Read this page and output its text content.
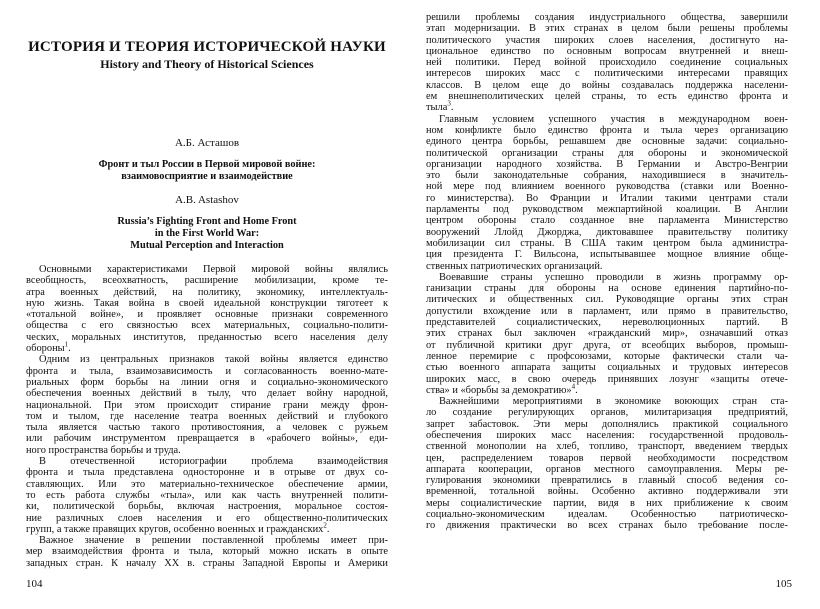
ИСТОРИЯ И ТЕОРИЯ ИСТОРИЧЕСКОЙ НАУКИ
History and Theory of Historical Sciences
А.Б. Асташов
Фронт и тыл России в Первой мировой войне:
взаимовосприятие и взаимодействие
A.B. Astashov
Russia’s Fighting Front and Home Front
in the First World War:
Mutual Perception and Interaction
Основными характеристиками Первой мировой войны являлись
всеобщность, всеохватность, расширение мобилизации, кроме те-
атра военных действий, на политику, экономику, интеллектуаль-
ную жизнь. Такая война в своей идеальной конструкции тяготеет к
«тотальной войне», и проявляет основные признаки современного
общества с его связностью всех материальных, социально-полити-
ческих, моральных институтов, преданностью всего населения делу
обороны$^1$.
Одним из центральных признаков такой войны является единство
фронта и тыла, взаимозависимость и согласованность военно-мате-
риальных форм борьбы на линии огня и социально-экономического
обеспечения военных действий в тылу, что делает войну народной,
национальной. При этом происходит стирание грани между фрон-
том и тылом, где население театра военных действий и глубокого
тыла является частью такого противостояния, а человек с ружьем
или рабочим инструментом превращается в «рабочего войны», еди-
ного пространства борьбы и труда.
В отечественной историографии проблема взаимодействия
фронта и тыла представлена односторонне и в отрыве от двух со-
ставляющих. Или это материально-техническое обеспечение армии,
то есть работа службы «тыла», или как часть внутренней полити-
ки, политической борьбы, включая настроения, моральное состоя-
ние различных слоев населения и его общественно-политических
групп, а также правящих кругов, особенно военных и гражданских$^2$.
Важное значение в решении поставленной проблемы имеет при-
мер взаимодействия фронта и тыла, который можно искать в опыте
западных стран. К началу XX в. страны Западной Европы и Америки
104
решили проблемы создания индустриального общества, завершили
этап модернизации. В этих странах в целом были решены проблемы
политического участия широких слоев населения, достигнуто на-
циональное единство по основным вопросам внутренней и внеш-
ней политики. Перед войной происходило соединение социальных
интересов широких масс с политическими интересами правящих
классов. В целом еще до войны создавалась поддержка населени-
ем внешнеполитических целей страны, то есть единство фронта и
тыла$^3$.
Главным условием успешного участия в международном воен-
ном конфликте было единство фронта и тыла через организацию
единого центра борьбы, решавшем две основные задачи: социально-
политической организации страны для обороны и экономической
организации народного хозяйства. В Германии и Австро-Венгрии
это были законодательные собрания, находившиеся в значитель-
ной мере под влиянием военного руководства (ставки или Военно-
го министерства). Во Франции и Италии такими центрами стали
парламенты под руководством межпартийной коалиции. В Англии
центром обороны стало созданное вне парламента Министерство
вооружений Ллойд Джорджа, диктовавшее правительству политику
мобилизации сил страны. В США таким центром была администра-
ция президента Г. Вильсона, испытывавшее мощное влияние обще-
ственных патриотических организаций.
Воевавшие страны успешно проводили в жизнь программу ор-
ганизации страны для обороны на основе единения партийно-по-
литических и общественных сил. Руководящие органы этих стран
допустили вхождение или в парламент, или прямо в правительство,
представителей социалистических, нереволюционных партий. В
этих странах был заключен «гражданский мир», означавший отказ
от публичной критики друг друга, от всеобщих выборов, промыш-
ленное перемирие с профсоюзами, которые фактически стали ча-
стью военного аппарата защиты социальных и трудовых интересов
широких масс, в свою очередь принявших лозунг «защиты отече-
ства» и «борьбы за демократию»$^4$.
Важнейшими мероприятиями в экономике воюющих стран ста-
ло создание регулирующих органов, милитаризация предприятий,
запрет забастовок. Эти меры дополнялись практикой социального
обеспечения широких масс населения: государственной продоволь-
ственной монополии на хлеб, топливо, транспорт, введением твердых
цен, распределением товаров первой необходимости посредством
аппарата кооперации, органов местного самоуправления. Меры ре-
гулирования экономики превратились в главный способ ведения со-
временной, тотальной войны. Особенно активно поддерживали эти
меры социалистические партии, видя в них приближение к своим
социально-экономическим идеалам. Особенностью патриотическо-
го движения практически во всех странах было требование после-
105
